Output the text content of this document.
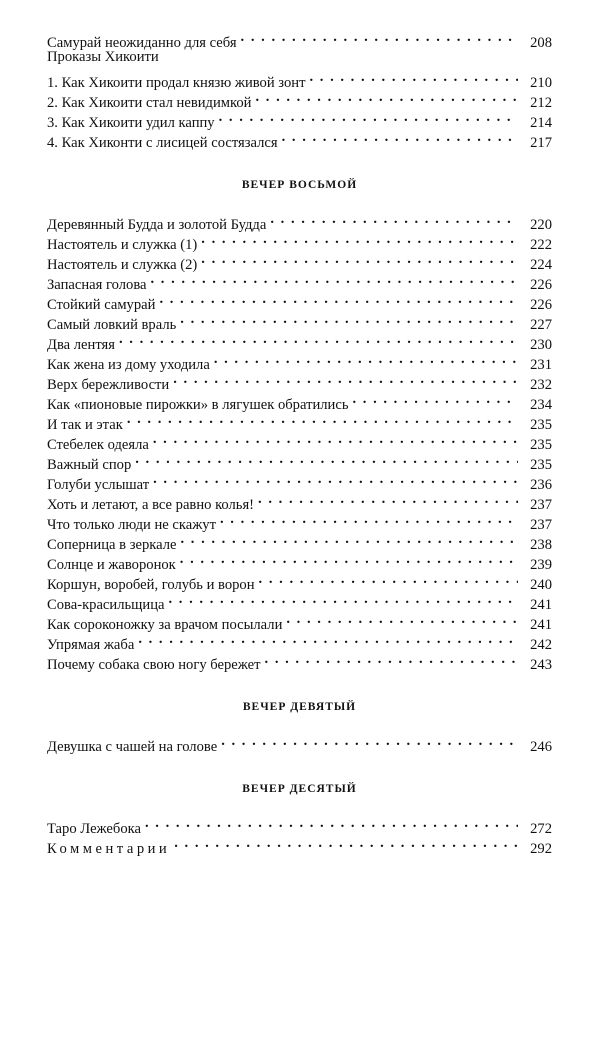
Самурай неожиданно для себя . . .	208
Проказы Хикоити
1. Как Хикоити продал князю живой зонт . . .	210
2. Как Хикоити стал невидимкой . . .	212
3. Как Хикоити удил каппу . . .	214
4. Как Хиконти с лисицей состязался . . .	217
ВЕЧЕР ВОСЬМОЙ
Деревянный Будда и золотой Будда . . .	220
Настоятель и служка (1) . . .	222
Настоятель и служка (2) . . .	224
Запасная голова . . .	226
Стойкий самурай . . .	226
Самый ловкий враль . . .	227
Два лентяя . . .	230
Как жена из дому уходила . . .	231
Верх бережливости . . .	232
Как «пионовые пирожки» в лягушек обратились . . .	234
И так и этак . . .	235
Стебелек одеяла . . .	235
Важный спор . . .	235
Голуби услышат . . .	236
Хоть и летают, а все равно колья! . . .	237
Что только люди не скажут . . .	237
Соперница в зеркале . . .	238
Солнце и жаворонок . . .	239
Коршун, воробей, голубь и ворон . . .	240
Сова-красильщица . . .	241
Как сороконожку за врачом посылали . . .	241
Упрямая жаба . . .	242
Почему собака свою ногу бережет . . .	243
ВЕЧЕР ДЕВЯТЫЙ
Девушка с чашей на голове . . .	246
ВЕЧЕР ДЕСЯТЫЙ
Таро Лежебока . . .	272
Комментарии . . .	292
